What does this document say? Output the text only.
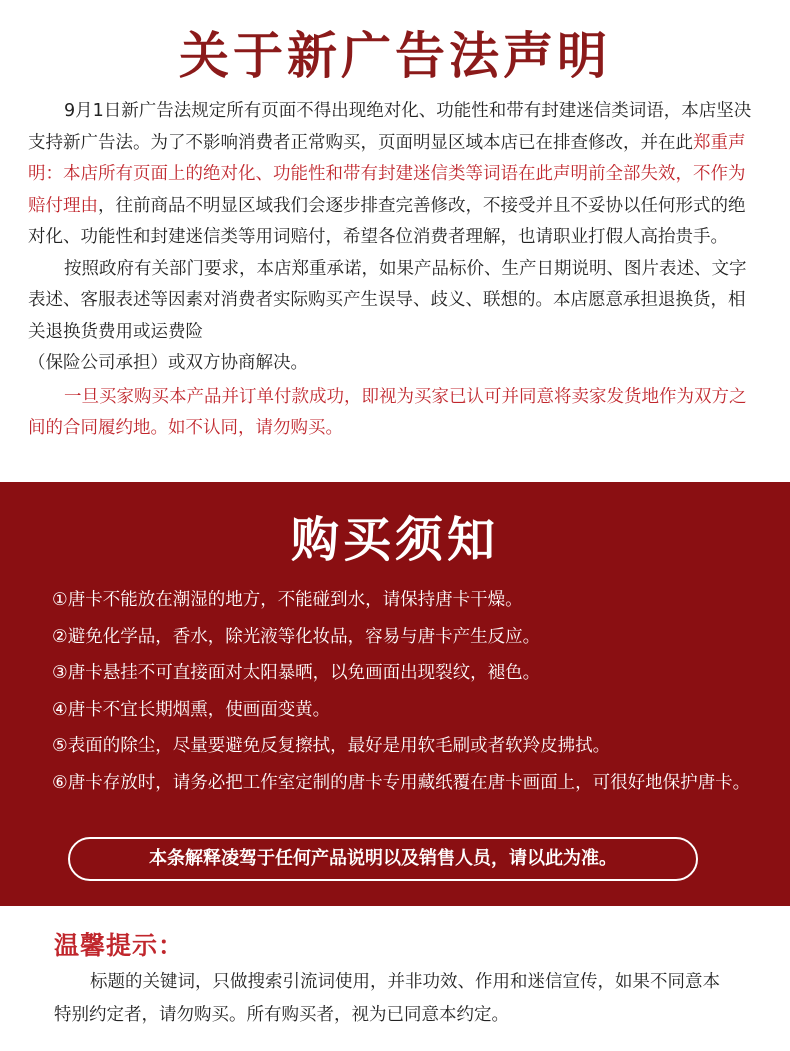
关于新广告法声明

9月1日新广告法规定所有页面不得出现绝对化、功能性和带有封建迷信类词语，本店坚决支持新广告法。为了不影响消费者正常购买，页面明显区域本店已在排查修改，并在此郑重声明：本店所有页面上的绝对化、功能性和带有封建迷信类等词语在此声明前全部失效，不作为赔付理由，往前商品不明显区域我们会逐步排查完善修改，不接受并且不妥协以任何形式的绝对化、功能性和封建迷信类等用词赔付，希望各位消费者理解，也请职业打假人高抬贵手。

按照政府有关部门要求，本店郑重承诺，如果产品标价、生产日期说明、图片表述、文字表述、客服表述等因素对消费者实际购买产生误导、歧义、联想的。本店愿意承担退换货，相关退换货费用或运费险

（保险公司承担）或双方协商解决。

一旦买家购买本产品并订单付款成功，即视为买家已认可并同意将卖家发货地作为双方之间的合同履约地。如不认同，请勿购买。

购买须知
①唐卡不能放在潮湿的地方，不能碰到水，请保持唐卡干燥。
②避免化学品，香水，除光液等化妆品，容易与唐卡产生反应。
③唐卡悬挂不可直接面对太阳暴晒，以免画面出现裂纹，褪色。
④唐卡不宜长期烟熏，使画面变黄。
⑤表面的除尘，尽量要避免反复擦拭，最好是用软毛刷或者软羚皮拂拭。
⑥唐卡存放时，请务必把工作室定制的唐卡专用藏纸覆在唐卡画面上，可很好地保护唐卡。
本条解释凌驾于任何产品说明以及销售人员，请以此为准。
温馨提示：

标题的关键词，只做搜索引流词使用，并非功效、作用和迷信宣传，如果不同意本特别约定者，请勿购买。所有购买者，视为已同意本约定。
